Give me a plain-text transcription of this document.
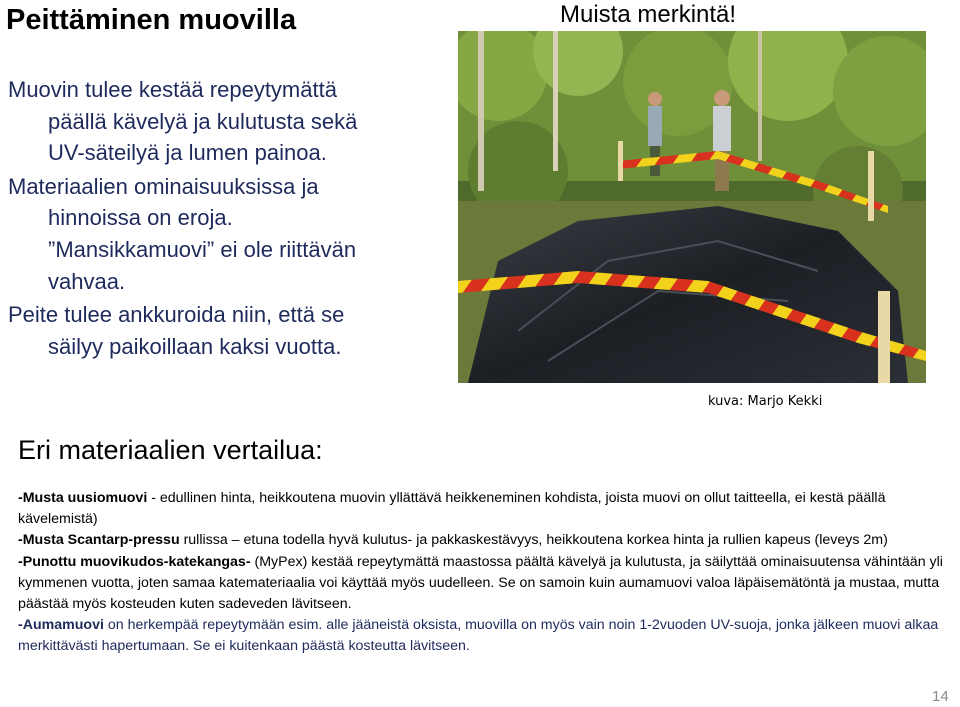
Peittäminen muovilla	Muista merkintä!
Muovin tulee kestää repeytymättä
päällä kävelyä ja kulutusta sekä
UV-säteilyä ja lumen painoa.
Materiaalien ominaisuuksissa ja
hinnoissa on eroja.
”Mansikkamuovi” ei ole riittävän
vahvaa.
Peite tulee ankkuroida niin, että se
säilyy paikoillaan kaksi vuotta.
kuva: Marjo Kekki
Eri materiaalien vertailua:

-Musta uusiomuovi - edullinen hinta, heikkoutena muovin yllättävä heikkeneminen kohdista, joista muovi on ollut taitteella, ei kestä päällä kävelemistä)

-Musta Scantarp-pressu rullissa – etuna todella hyvä kulutus- ja pakkaskestävyys, heikkoutena korkea hinta ja rullien kapeus (leveys 2m)

-Punottu muovikudos-katekangas- (MyPex) kestää repeytymättä maastossa päältä kävelyä ja kulutusta, ja säilyttää ominaisuutensa vähintään yli kymmenen vuotta, joten samaa katemateriaalia voi käyttää myös uudelleen. Se on samoin kuin aumamuovi valoa läpäisemätöntä ja mustaa, mutta päästää myös kosteuden kuten sadeveden lävitseen.

-Aumamuovi on herkempää repeytymään esim. alle jääneistä oksista, muovilla on myös vain noin 1-2vuoden UV-suoja, jonka jälkeen muovi alkaa merkittävästi hapertumaan. Se ei kuitenkaan päästä kosteutta lävitseen.

14
